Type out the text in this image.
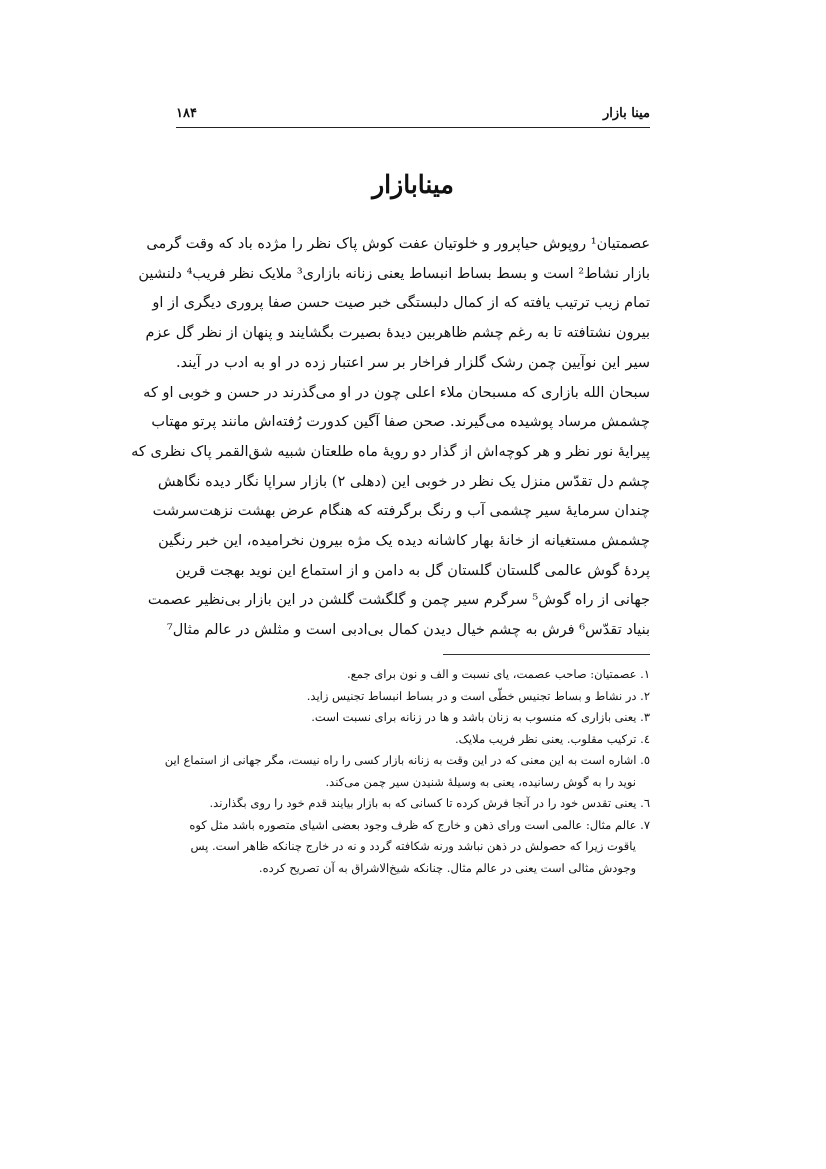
مینا بازار
۱۸۴
میناباز​ار
عصمتیان¹ روپوش حیاپرور و خلوتیان عفت کوش پاک نظر را مژده باد که وقت گرمی
بازار نشاط² است و بسط بساط انبساط یعنی زنانه بازاری³ ملایک نظر فریب⁴ دلنشین
تمام زیب ترتیب یافته که از کمال دلبستگی خبر صیت حسن صفا پروری دیگری از او
بیرون نشتافته تا به رغم چشم ظاهربین دیدهٔ بصیرت بگشایند و پنهان از نظر گل عزم
سیر این نوآیین چمن رشک گلزار فراخار بر سر اعتبار زده در او به ادب در آیند.
سبحان الله بازاری که مسبحان ملاء اعلی چون در او می‌گذرند در حسن و خوبی او که
چشمش مرساد پوشیده می‌گیرند. صحن صفا آگین کدورت رُفته‌اش مانند پرتو مهتاب
پیرایهٔ نور نظر و هر کوچه‌اش از گذار دو رویهٔ ماه طلعتان شبیه شق‌القمر پاک نظری که
چشم دل تقدّس منزل یک نظر در خوبی این (دهلی ۲) بازار سراپا نگار دیده نگاهش
چندان سرمایهٔ سیر چشمی آب و رنگ برگرفته که هنگام عرض بهشت نزهت‌سرشت
چشمش مستغیانه از خانهٔ بهار کاشانه دیده یک مژه بیرون نخرامیده، این خبر رنگین
پردهٔ گوش عالمی گلستان گلستان گل به دامن و از استماع این نوید بهجت قرین
جهانی از راه گوش⁵ سرگرم سیر چمن و گلگشت گلشن در این بازار بی‌نظیر عصمت
بنیاد تقدّس⁶ فرش به چشم خیال دیدن کمال بی‌ادبی است و مثلش در عالم مثال⁷
۱. عصمتیان: صاحب عصمت، یای نسبت و الف و نون برای جمع.
۲. در نشاط و بساط تجنیس خطّی است و در بساط انبساط تجنیس زاید.
۳. یعنی بازاری که منسوب به زنان باشد و ها در زنانه برای نسبت است.
٤. ترکیب مقلوب. یعنی نظر فریب ملایک.
٥. اشاره است به این معنی که در این وقت به زنانه بازار کسی را راه نیست، مگر جهانی از استماع این
نوید را به گوش رسانیده، یعنی به وسیلهٔ شنیدن سیر چمن می‌کند.
٦. یعنی تقدس خود را در آنجا فرش کرده تا کسانی که به بازار بیایند قدم خود را روی بگذارند.
۷. عالم مثال: عالمی است ورای ذهن و خارج که ظرف وجود بعضی اشیای متصوره باشد مثل کوه
یاقوت زیرا که حصولش در ذهن نباشد ورنه شکافته گردد و نه در خارج چنانکه ظاهر است. پس
وجودش مثالی است یعنی در عالم مثال. چنانکه شیخ‌الاشراق به آن تصریح کرده.
